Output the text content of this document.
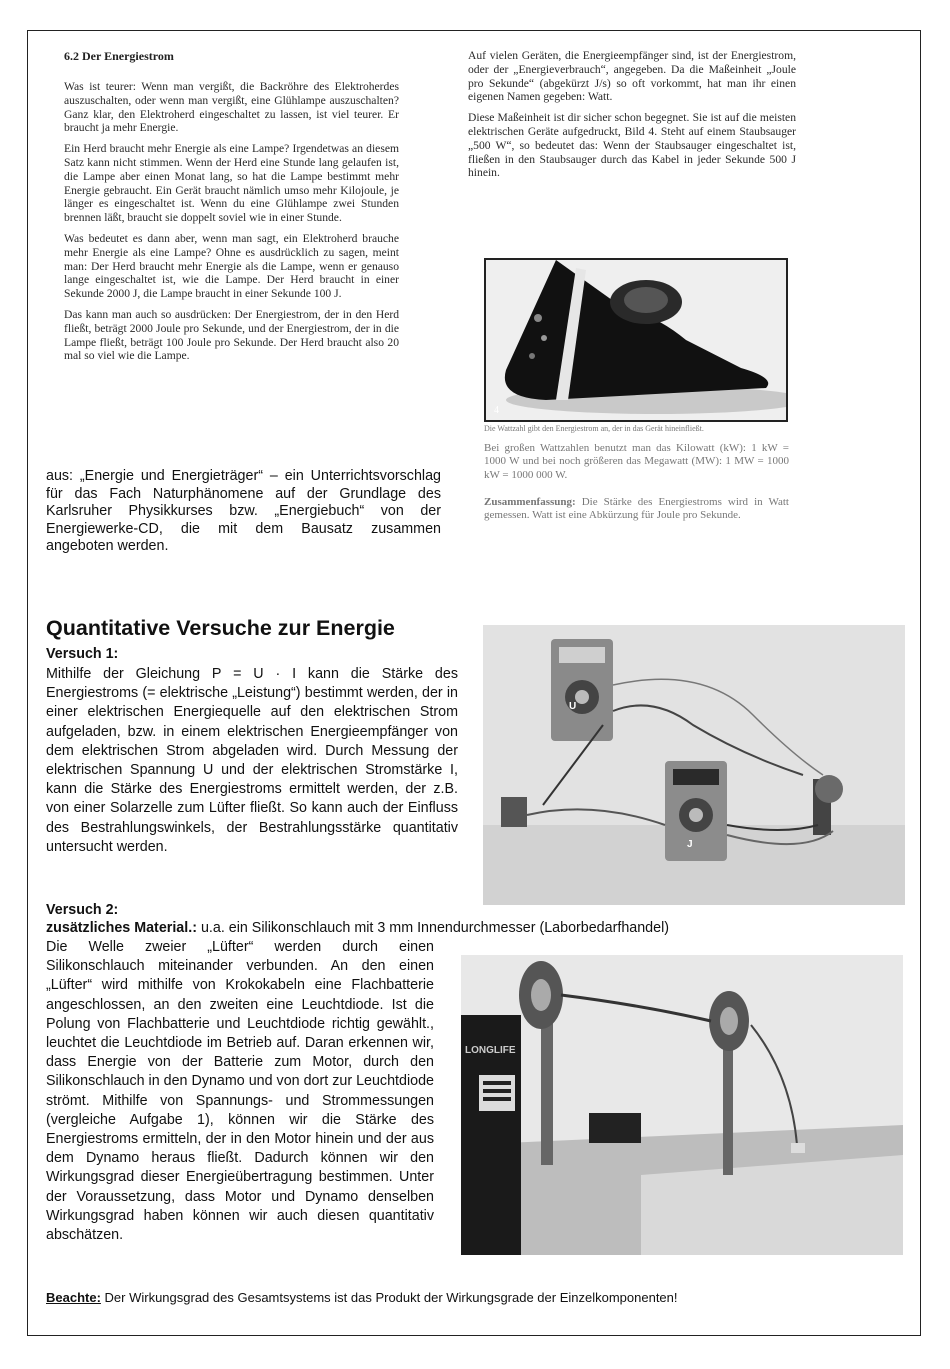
6.2 Der Energiestrom

Was ist teurer: Wenn man vergißt, die Backröhre des Elektroherdes auszuschalten, oder wenn man vergißt, eine Glühlampe auszuschalten? Ganz klar, den Elektroherd eingeschaltet zu lassen, ist viel teurer. Er braucht ja mehr Energie.

Ein Herd braucht mehr Energie als eine Lampe? Irgendetwas an diesem Satz kann nicht stimmen. Wenn der Herd eine Stunde lang gelaufen ist, die Lampe aber einen Monat lang, so hat die Lampe bestimmt mehr Energie gebraucht. Ein Gerät braucht nämlich umso mehr Kilojoule, je länger es eingeschaltet ist. Wenn du eine Glühlampe zwei Stunden brennen läßt, braucht sie doppelt soviel wie in einer Stunde.

Was bedeutet es dann aber, wenn man sagt, ein Elektroherd brauche mehr Energie als eine Lampe? Ohne es ausdrücklich zu sagen, meint man: Der Herd braucht mehr Energie als die Lampe, wenn er genauso lange eingeschaltet ist, wie die Lampe. Der Herd braucht in einer Sekunde 2000 J, die Lampe braucht in einer Sekunde 100 J.

Das kann man auch so ausdrücken: Der Energiestrom, der in den Herd fließt, beträgt 2000 Joule pro Sekunde, und der Energiestrom, der in die Lampe fließt, beträgt 100 Joule pro Sekunde. Der Herd braucht also 20 mal so viel wie die Lampe.

Auf vielen Geräten, die Energieempfänger sind, ist der Energiestrom, oder der „Energieverbrauch“, angegeben. Da die Maßeinheit „Joule pro Sekunde“ (abgekürzt J/s) so oft vorkommt, hat man ihr einen eigenen Namen gegeben: Watt.

Diese Maßeinheit ist dir sicher schon begegnet. Sie ist auf die meisten elektrischen Geräte aufgedruckt, Bild 4. Steht auf einem Staubsauger „500 W“, so bedeutet das: Wenn der Staubsauger eingeschaltet ist, fließen in den Staubsauger durch das Kabel in jeder Sekunde 500 J hinein.

4

Die Wattzahl gibt den Energiestrom an, der in das Gerät hineinfließt.

Bei großen Wattzahlen benutzt man das Kilowatt (kW): 1 kW = 1000 W und bei noch größeren das Megawatt (MW): 1 MW = 1000 kW = 1000 000 W.

Zusammenfassung: Die Stärke des Energiestroms wird in Watt gemessen. Watt ist eine Abkürzung für Joule pro Sekunde.

aus: „Energie und Energieträger“ – ein Unterrichtsvorschlag für das Fach Naturphänomene auf der Grundlage des Karlsruher Physikkurses bzw. „Energiebuch“ von der Energiewerke-CD, die mit dem Bausatz zusammen angeboten werden.

Quantitative Versuche zur Energie
Versuch 1:

Mithilfe der Gleichung P = U · I kann die Stärke des Energiestroms (= elektrische „Leistung“) bestimmt werden, der in einer elektrischen Energiequelle auf den elektrischen Strom aufgeladen, bzw. in einem elektrischen Energieempfänger von dem elektrischen Strom abgeladen wird. Durch Messung der elektrischen Spannung U und der elektrischen Stromstärke I, kann die Stärke des Energiestroms ermittelt werden, der z.B. von einer Solarzelle zum Lüfter fließt. So kann auch der Einfluss des Bestrahlungswinkels, der Bestrahlungsstärke quantitativ untersucht werden.

U
J
Versuch 2:

zusätzliches Material.: u.a. ein Silikonschlauch mit 3 mm Innendurchmesser (Laborbedarfhandel)

Die Welle zweier „Lüfter“ werden durch einen Silikonschlauch miteinander verbunden. An den einen „Lüfter“ wird mithilfe von Krokokabeln eine Flachbatterie angeschlossen, an den zweiten eine Leuchtdiode. Ist die Polung von Flachbatterie und Leuchtdiode richtig gewählt., leuchtet die Leuchtdiode im Betrieb auf. Daran erkennen wir, dass Energie von der Batterie zum Motor, durch den Silikonschlauch in den Dynamo und von dort zur Leuchtdiode strömt. Mithilfe von Spannungs- und Strommessungen (vergleiche Aufgabe 1), können wir die Stärke des Energiestroms ermitteln, der in den Motor hinein und der aus dem Dynamo heraus fließt. Dadurch können wir den Wirkungsgrad dieser Energieübertragung bestimmen. Unter der Voraussetzung, dass Motor und Dynamo denselben Wirkungsgrad haben können wir auch diesen quantitativ abschätzen.

LONGLIFE

Beachte: Der Wirkungsgrad des Gesamtsystems ist das Produkt der Wirkungsgrade der Einzelkomponenten!
